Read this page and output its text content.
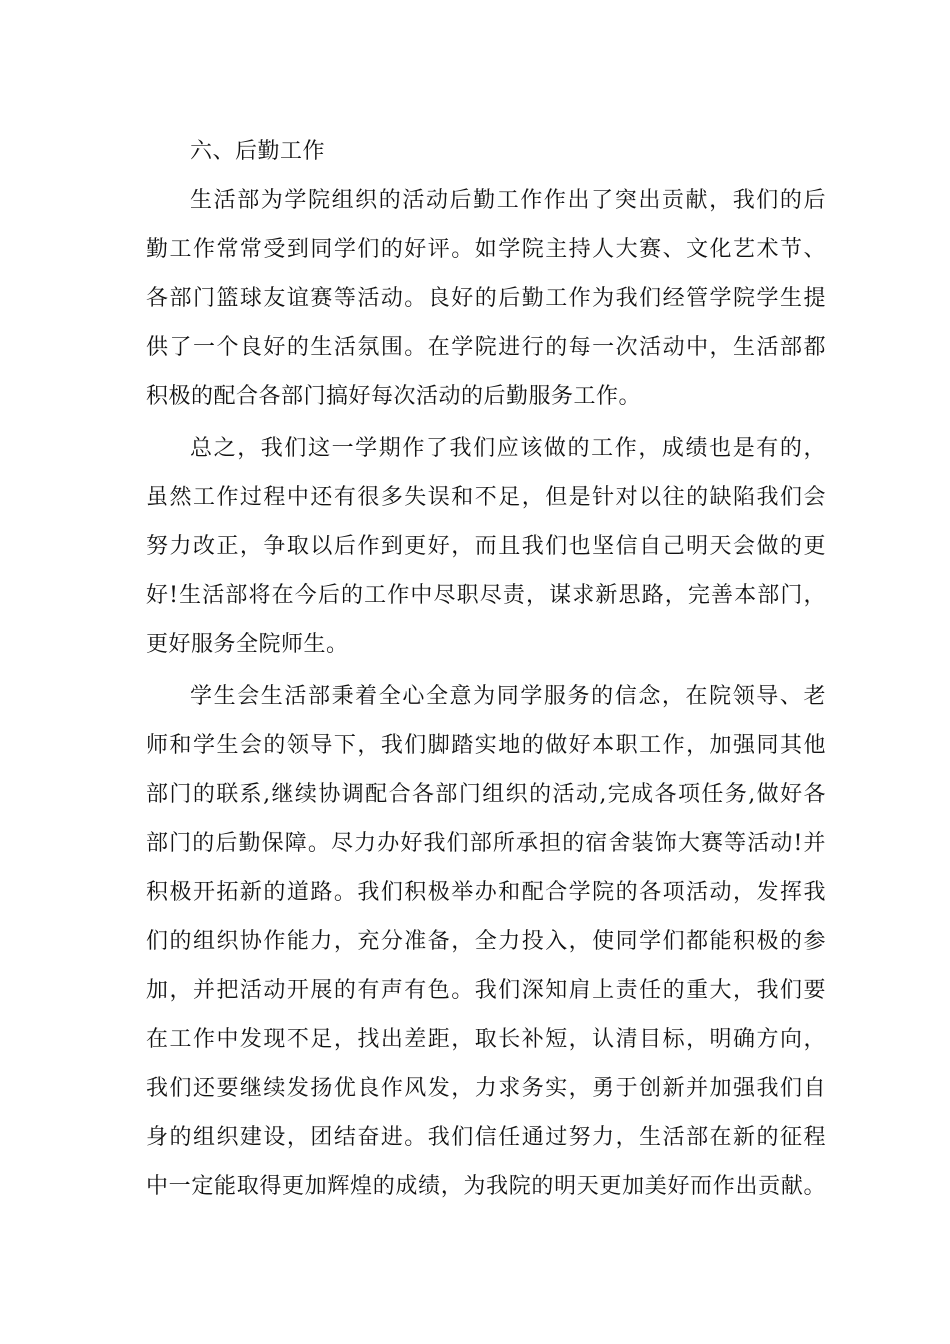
六、后勤工作
生活部为学院组织的活动后勤工作作出了突出贡献，我们的后
勤工作常常受到同学们的好评。如学院主持人大赛、文化艺术节、
各部门篮球友谊赛等活动。良好的后勤工作为我们经管学院学生提
供了一个良好的生活氛围。在学院进行的每一次活动中，生活部都
积极的配合各部门搞好每次活动的后勤服务工作。
总之，我们这一学期作了我们应该做的工作，成绩也是有的，
虽然工作过程中还有很多失误和不足，但是针对以往的缺陷我们会
努力改正，争取以后作到更好，而且我们也坚信自己明天会做的更
好!生活部将在今后的工作中尽职尽责，谋求新思路，完善本部门，
更好服务全院师生。
学生会生活部秉着全心全意为同学服务的信念，在院领导、老
师和学生会的领导下，我们脚踏实地的做好本职工作，加强同其他
部门的联系,继续协调配合各部门组织的活动,完成各项任务,做好各
部门的后勤保障。尽力办好我们部所承担的宿舍装饰大赛等活动!并
积极开拓新的道路。我们积极举办和配合学院的各项活动，发挥我
们的组织协作能力，充分准备，全力投入，使同学们都能积极的参
加，并把活动开展的有声有色。我们深知肩上责任的重大，我们要
在工作中发现不足，找出差距，取长补短，认清目标，明确方向，
我们还要继续发扬优良作风发，力求务实，勇于创新并加强我们自
身的组织建设，团结奋进。我们信任通过努力，生活部在新的征程
中一定能取得更加辉煌的成绩，为我院的明天更加美好而作出贡献。
